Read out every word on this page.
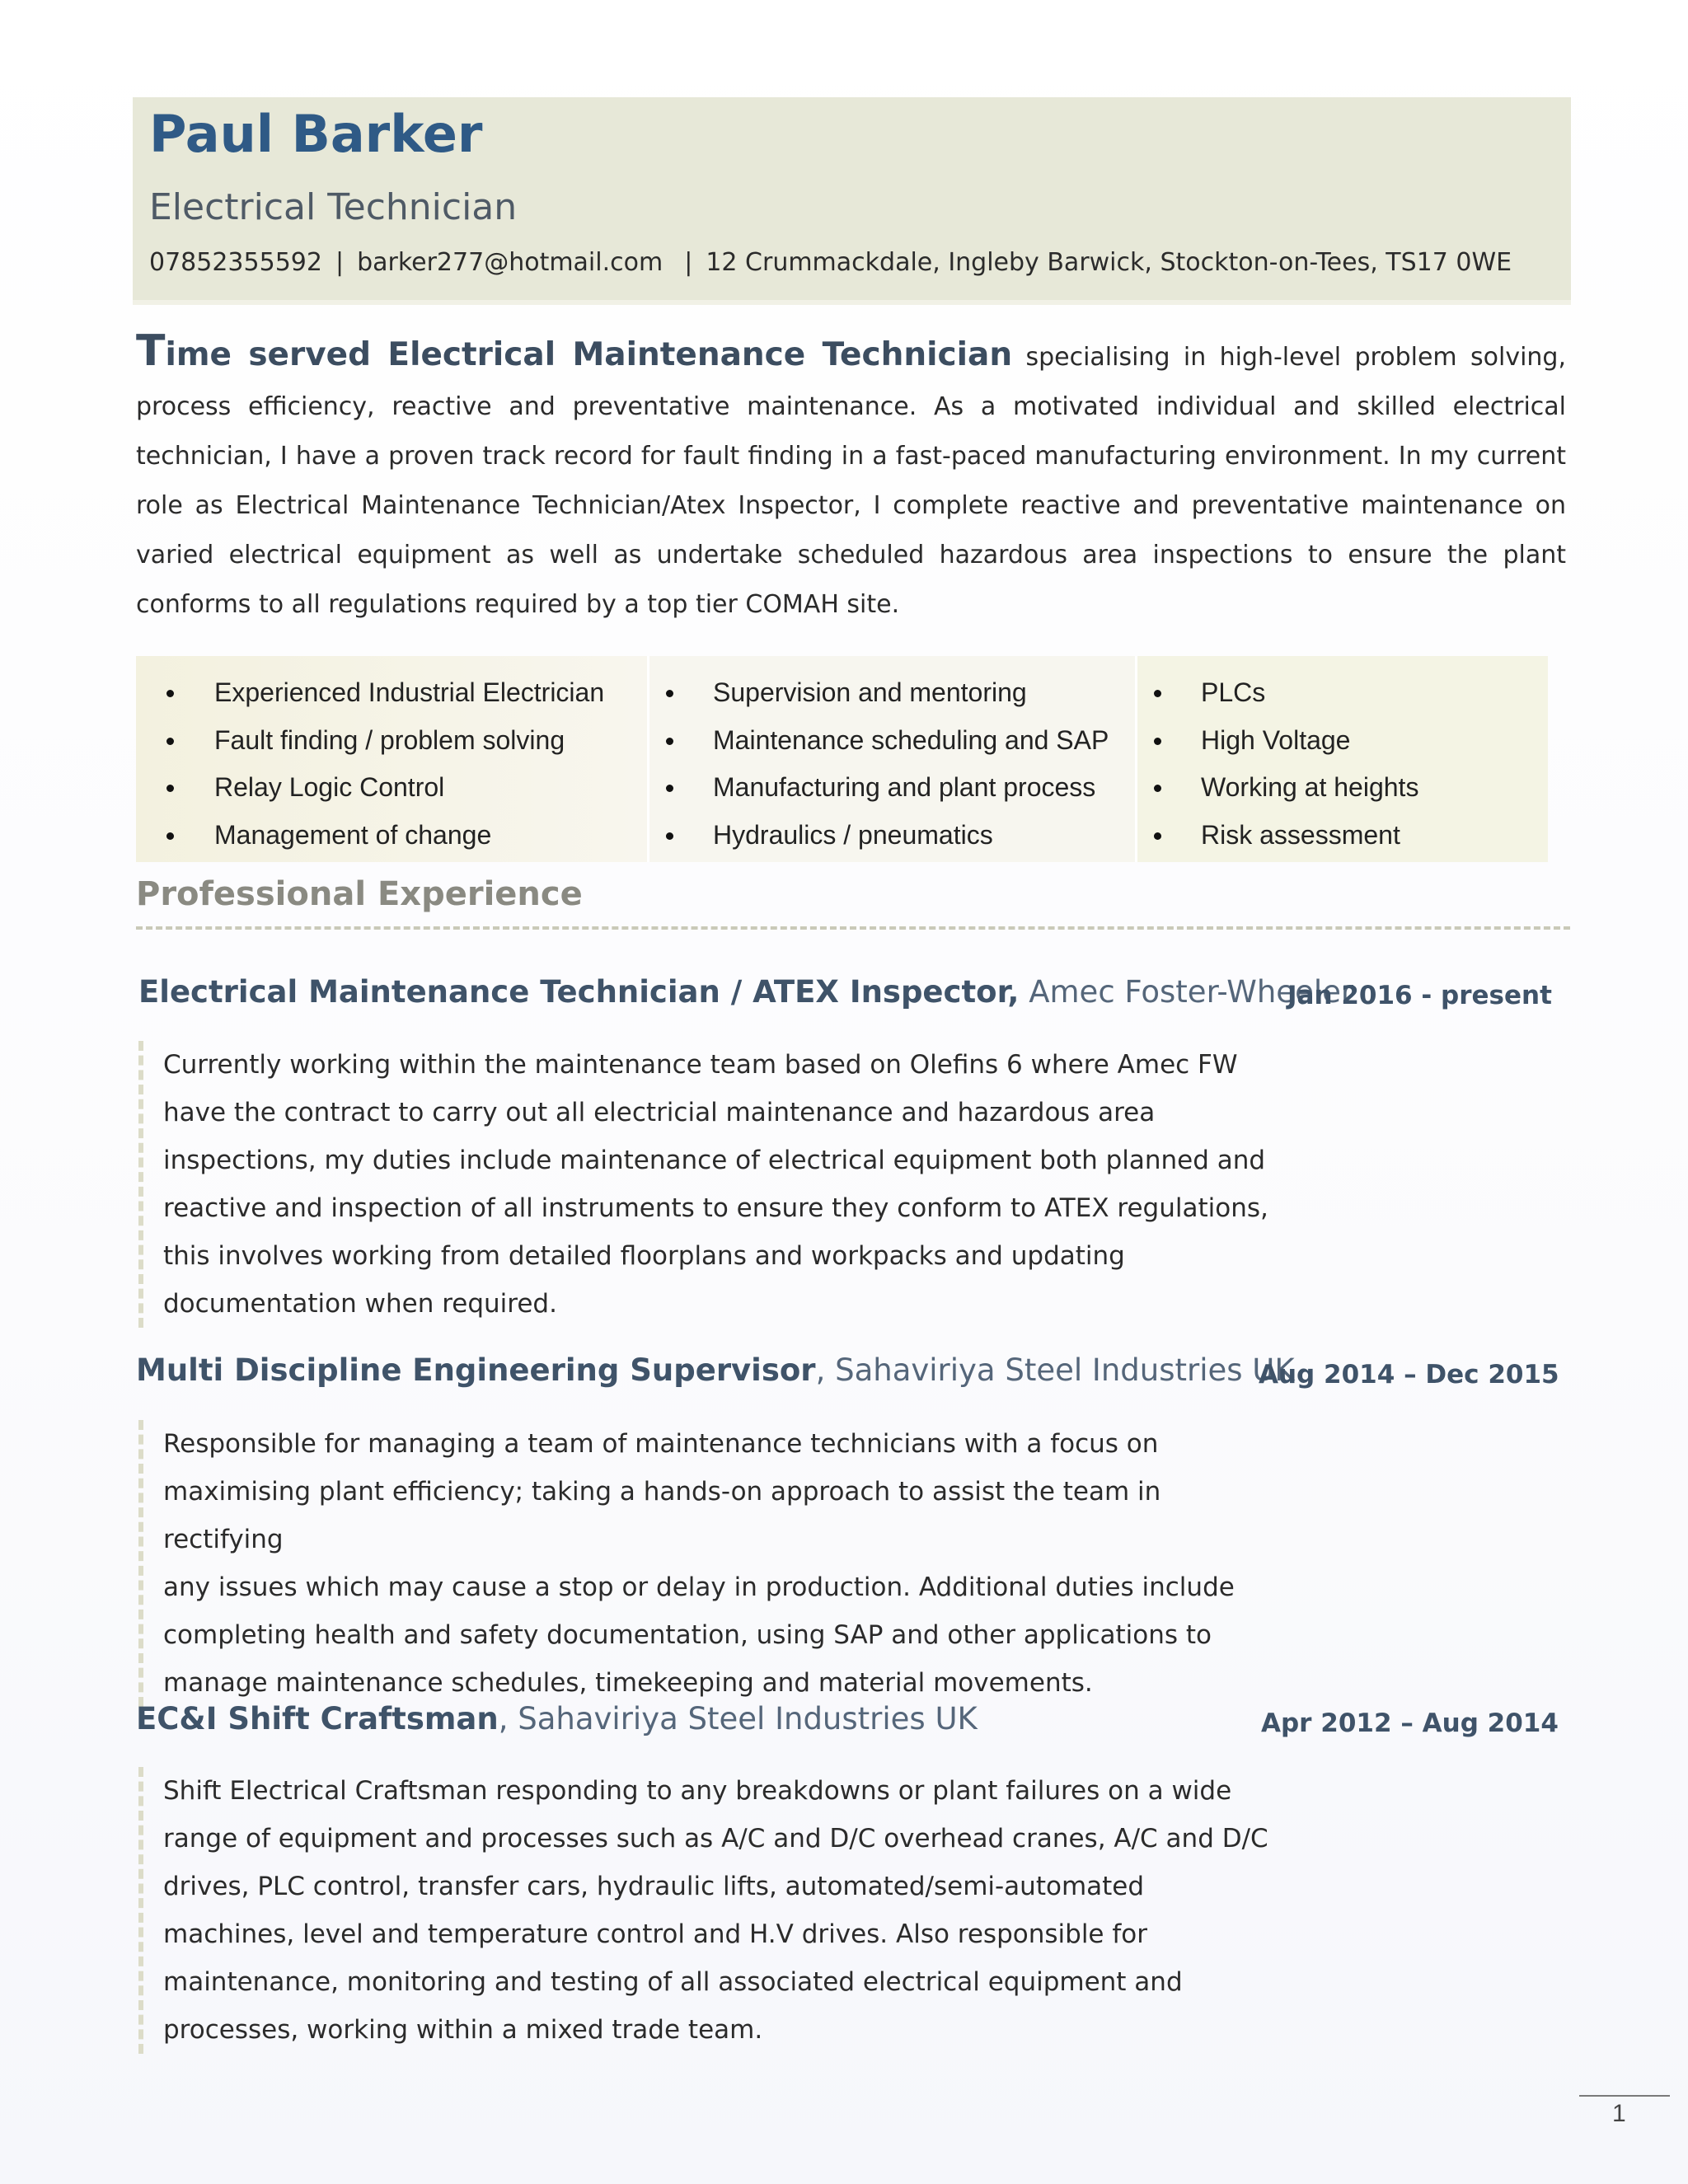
Paul Barker
Electrical Technician
07852355592 | barker277@hotmail.com | 12 Crummackdale, Ingleby Barwick, Stockton-on-Tees, TS17 0WE
Time served Electrical Maintenance Technician specialising in high-level problem solving, process efficiency, reactive and preventative maintenance. As a motivated individual and skilled electrical technician, I have a proven track record for fault finding in a fast-paced manufacturing environment. In my current role as Electrical Maintenance Technician/Atex Inspector, I complete reactive and preventative maintenance on varied electrical equipment as well as undertake scheduled hazardous area inspections to ensure the plant conforms to all regulations required by a top tier COMAH site.
Experienced Industrial Electrician
Fault finding / problem solving
Relay Logic Control
Management of change
Supervision and mentoring
Maintenance scheduling and SAP
Manufacturing and plant process
Hydraulics / pneumatics
PLCs
High Voltage
Working at heights
Risk assessment
Professional Experience
Electrical Maintenance Technician / ATEX Inspector, Amec Foster-Wheeler
Jan 2016 - present
Currently working within the maintenance team based on Olefins 6 where Amec FW
have the contract to carry out all electricial maintenance and hazardous area
inspections, my duties include maintenance of electrical equipment both planned and
reactive and inspection of all instruments to ensure they conform to ATEX regulations,
this involves working from detailed floorplans and workpacks and updating
documentation when required.
Multi Discipline Engineering Supervisor, Sahaviriya Steel Industries UK
Aug 2014 – Dec 2015
Responsible for managing a team of maintenance technicians with a focus on
maximising plant efficiency; taking a hands-on approach to assist the team in rectifying
any issues which may cause a stop or delay in production. Additional duties include
completing health and safety documentation, using SAP and other applications to
manage maintenance schedules, timekeeping and material movements.
EC&I Shift Craftsman, Sahaviriya Steel Industries UK	Apr 2012 – Aug 2014
Shift Electrical Craftsman responding to any breakdowns or plant failures on a wide
range of equipment and processes such as A/C and D/C overhead cranes, A/C and D/C
drives, PLC control, transfer cars, hydraulic lifts, automated/semi-automated
machines, level and temperature control and H.V drives. Also responsible for
maintenance, monitoring and testing of all associated electrical equipment and
processes, working within a mixed trade team.
1
